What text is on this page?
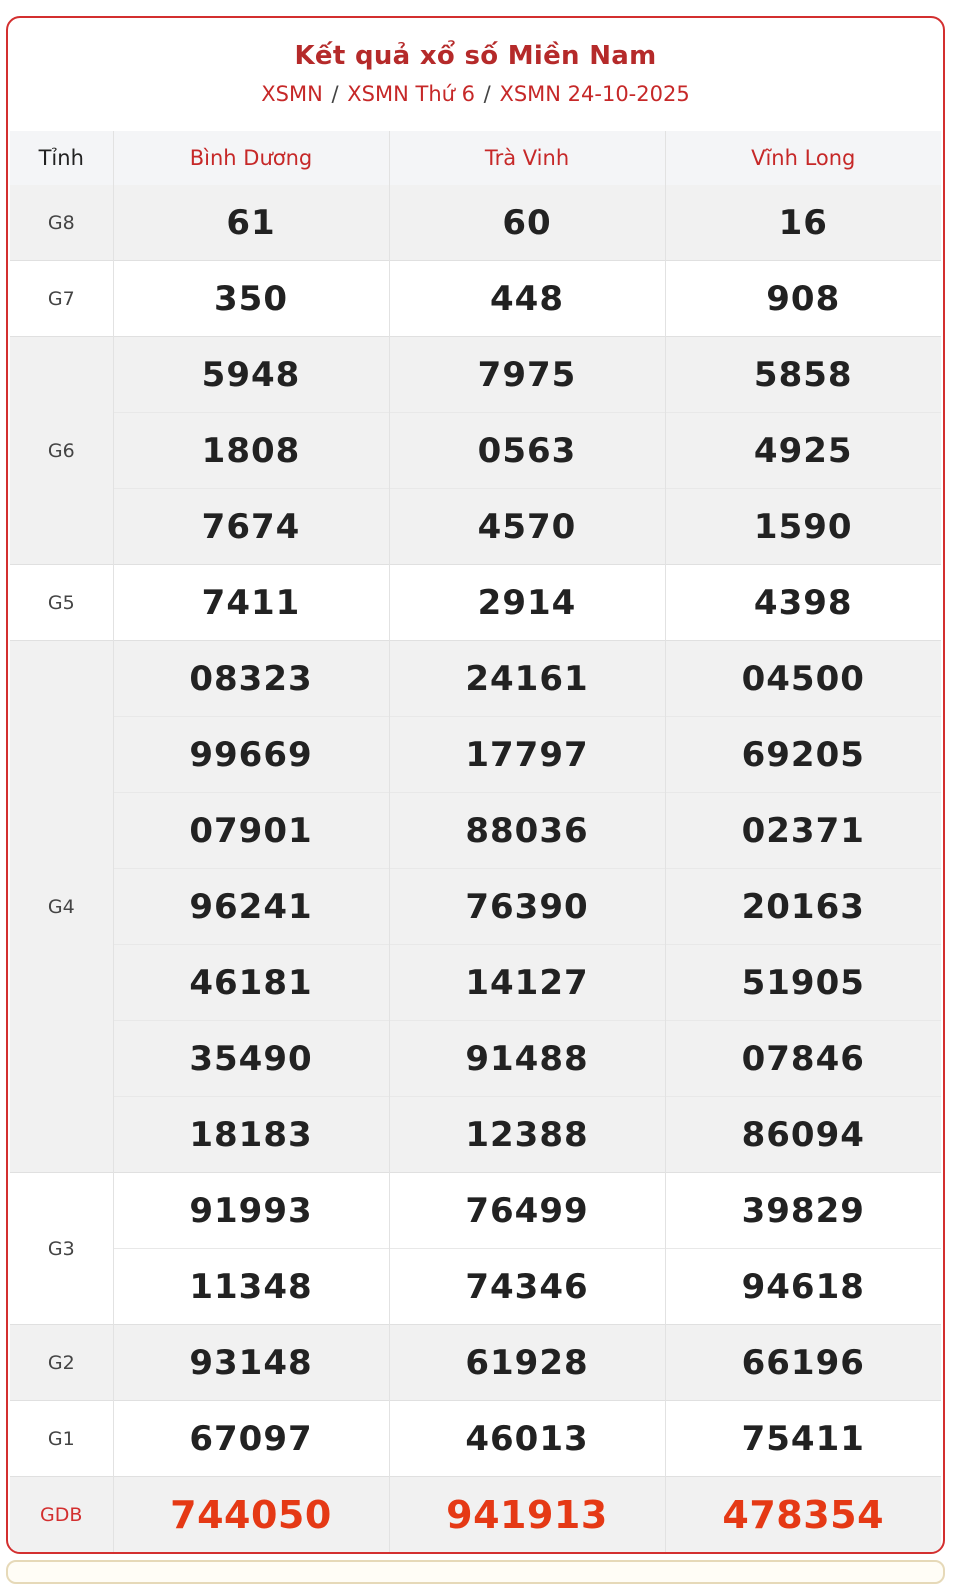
Kết quả xổ số Miền Nam
XSMN / XSMN Thứ 6 / XSMN 24-10-2025
Tỉnh	Bình Dương	Trà Vinh	Vĩnh Long
G8	61	60	16
G7	350	448	908
G6	5948	7975	5858
	1808	0563	4925
	7674	4570	1590
G5	7411	2914	4398
G4	08323	24161	04500
	99669	17797	69205
	07901	88036	02371
	96241	76390	20163
	46181	14127	51905
	35490	91488	07846
	18183	12388	86094
G3	91993	76499	39829
	11348	74346	94618
G2	93148	61928	66196
G1	67097	46013	75411
GDB	744050	941913	478354
